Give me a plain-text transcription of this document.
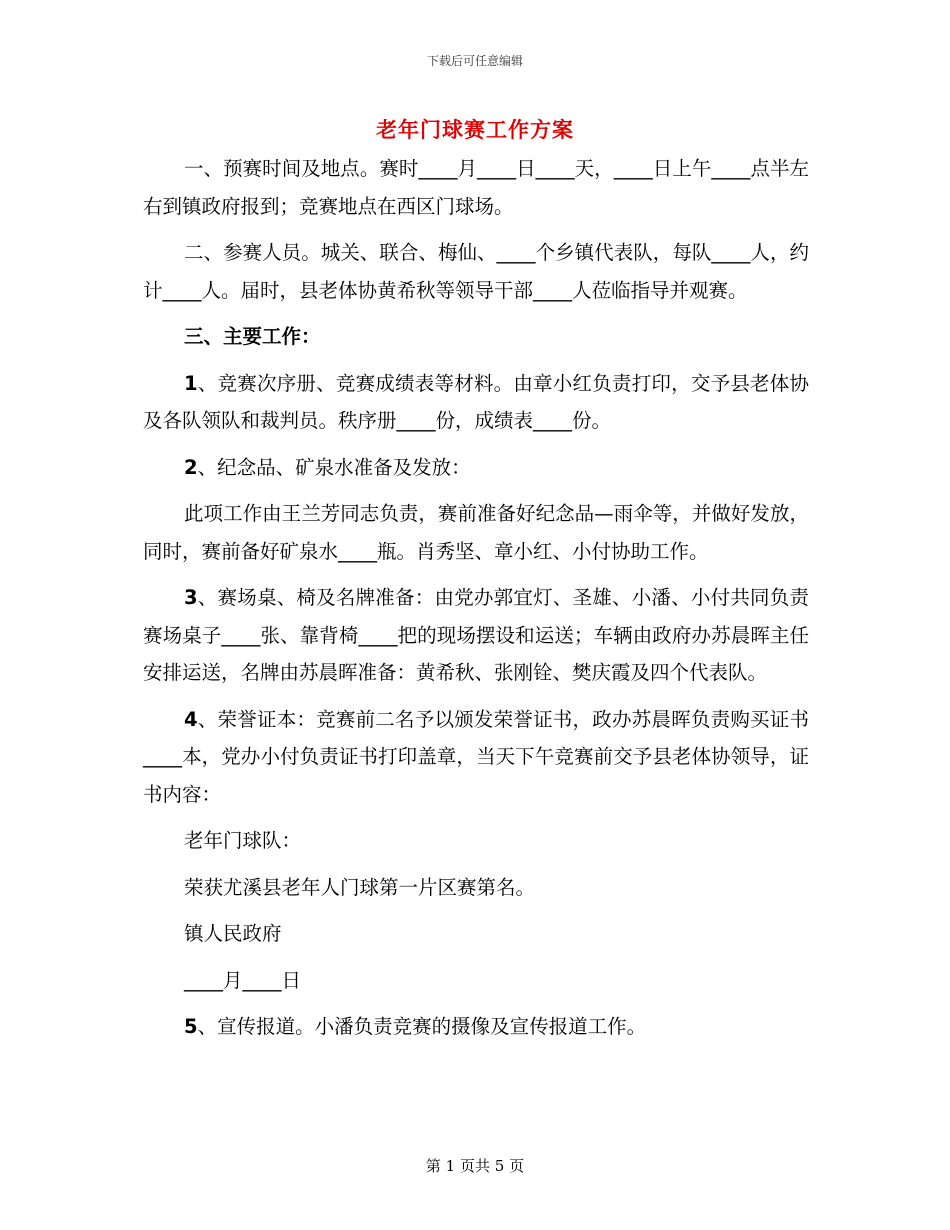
下载后可任意编辑
老年门球赛工作方案

一、预赛时间及地点。赛时____月____日____天，____日上午____点半左右到镇政府报到；竞赛地点在西区门球场。

二、参赛人员。城关、联合、梅仙、____个乡镇代表队，每队____人，约计____人。届时，县老体协黄希秋等领导干部____人莅临指导并观赛。

三、主要工作：

1、竞赛次序册、竞赛成绩表等材料。由章小红负责打印，交予县老体协及各队领队和裁判员。秩序册____份，成绩表____份。

2、纪念品、矿泉水准备及发放：

此项工作由王兰芳同志负责，赛前准备好纪念品—雨伞等，并做好发放，同时，赛前备好矿泉水____瓶。肖秀坚、章小红、小付协助工作。

3、赛场桌、椅及名牌准备：由党办郭宜灯、圣雄、小潘、小付共同负责赛场桌子____张、靠背椅____把的现场摆设和运送；车辆由政府办苏晨晖主任安排运送，名牌由苏晨晖准备：黄希秋、张刚铨、樊庆霞及四个代表队。

4、荣誉证本：竞赛前二名予以颁发荣誉证书，政办苏晨晖负责购买证书____本，党办小付负责证书打印盖章，当天下午竞赛前交予县老体协领导，证书内容：

老年门球队：

荣获尤溪县老年人门球第一片区赛第名。

镇人民政府

____月____日

5、宣传报道。小潘负责竞赛的摄像及宣传报道工作。

第 1 页共 5 页
